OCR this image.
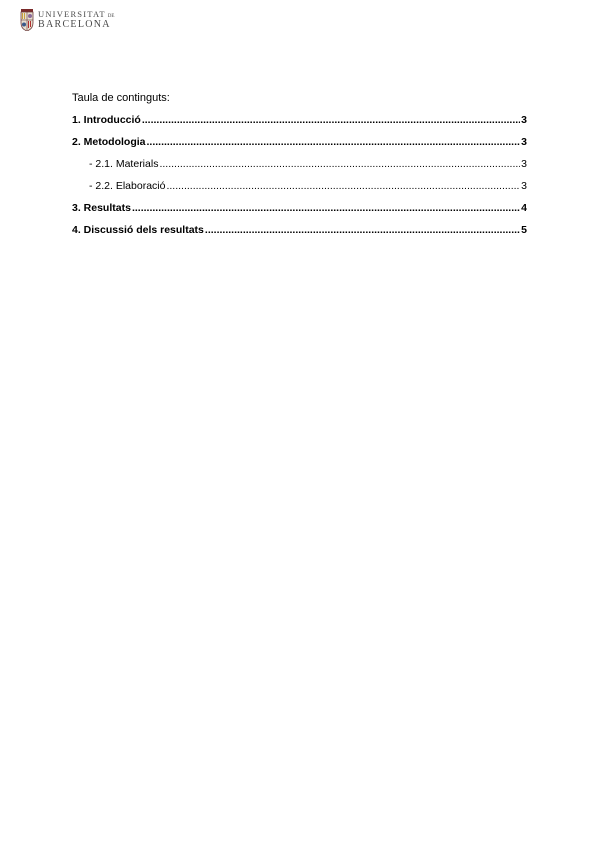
UNIVERSITAT DE
BARCELONA
Taula de continguts:
1. Introducció .....	3
2. Metodologia .....	3
- 2.1. Materials .....	3
- 2.2. Elaboració .....	3
3. Resultats .....	4
4. Discussió dels resultats .....	5
